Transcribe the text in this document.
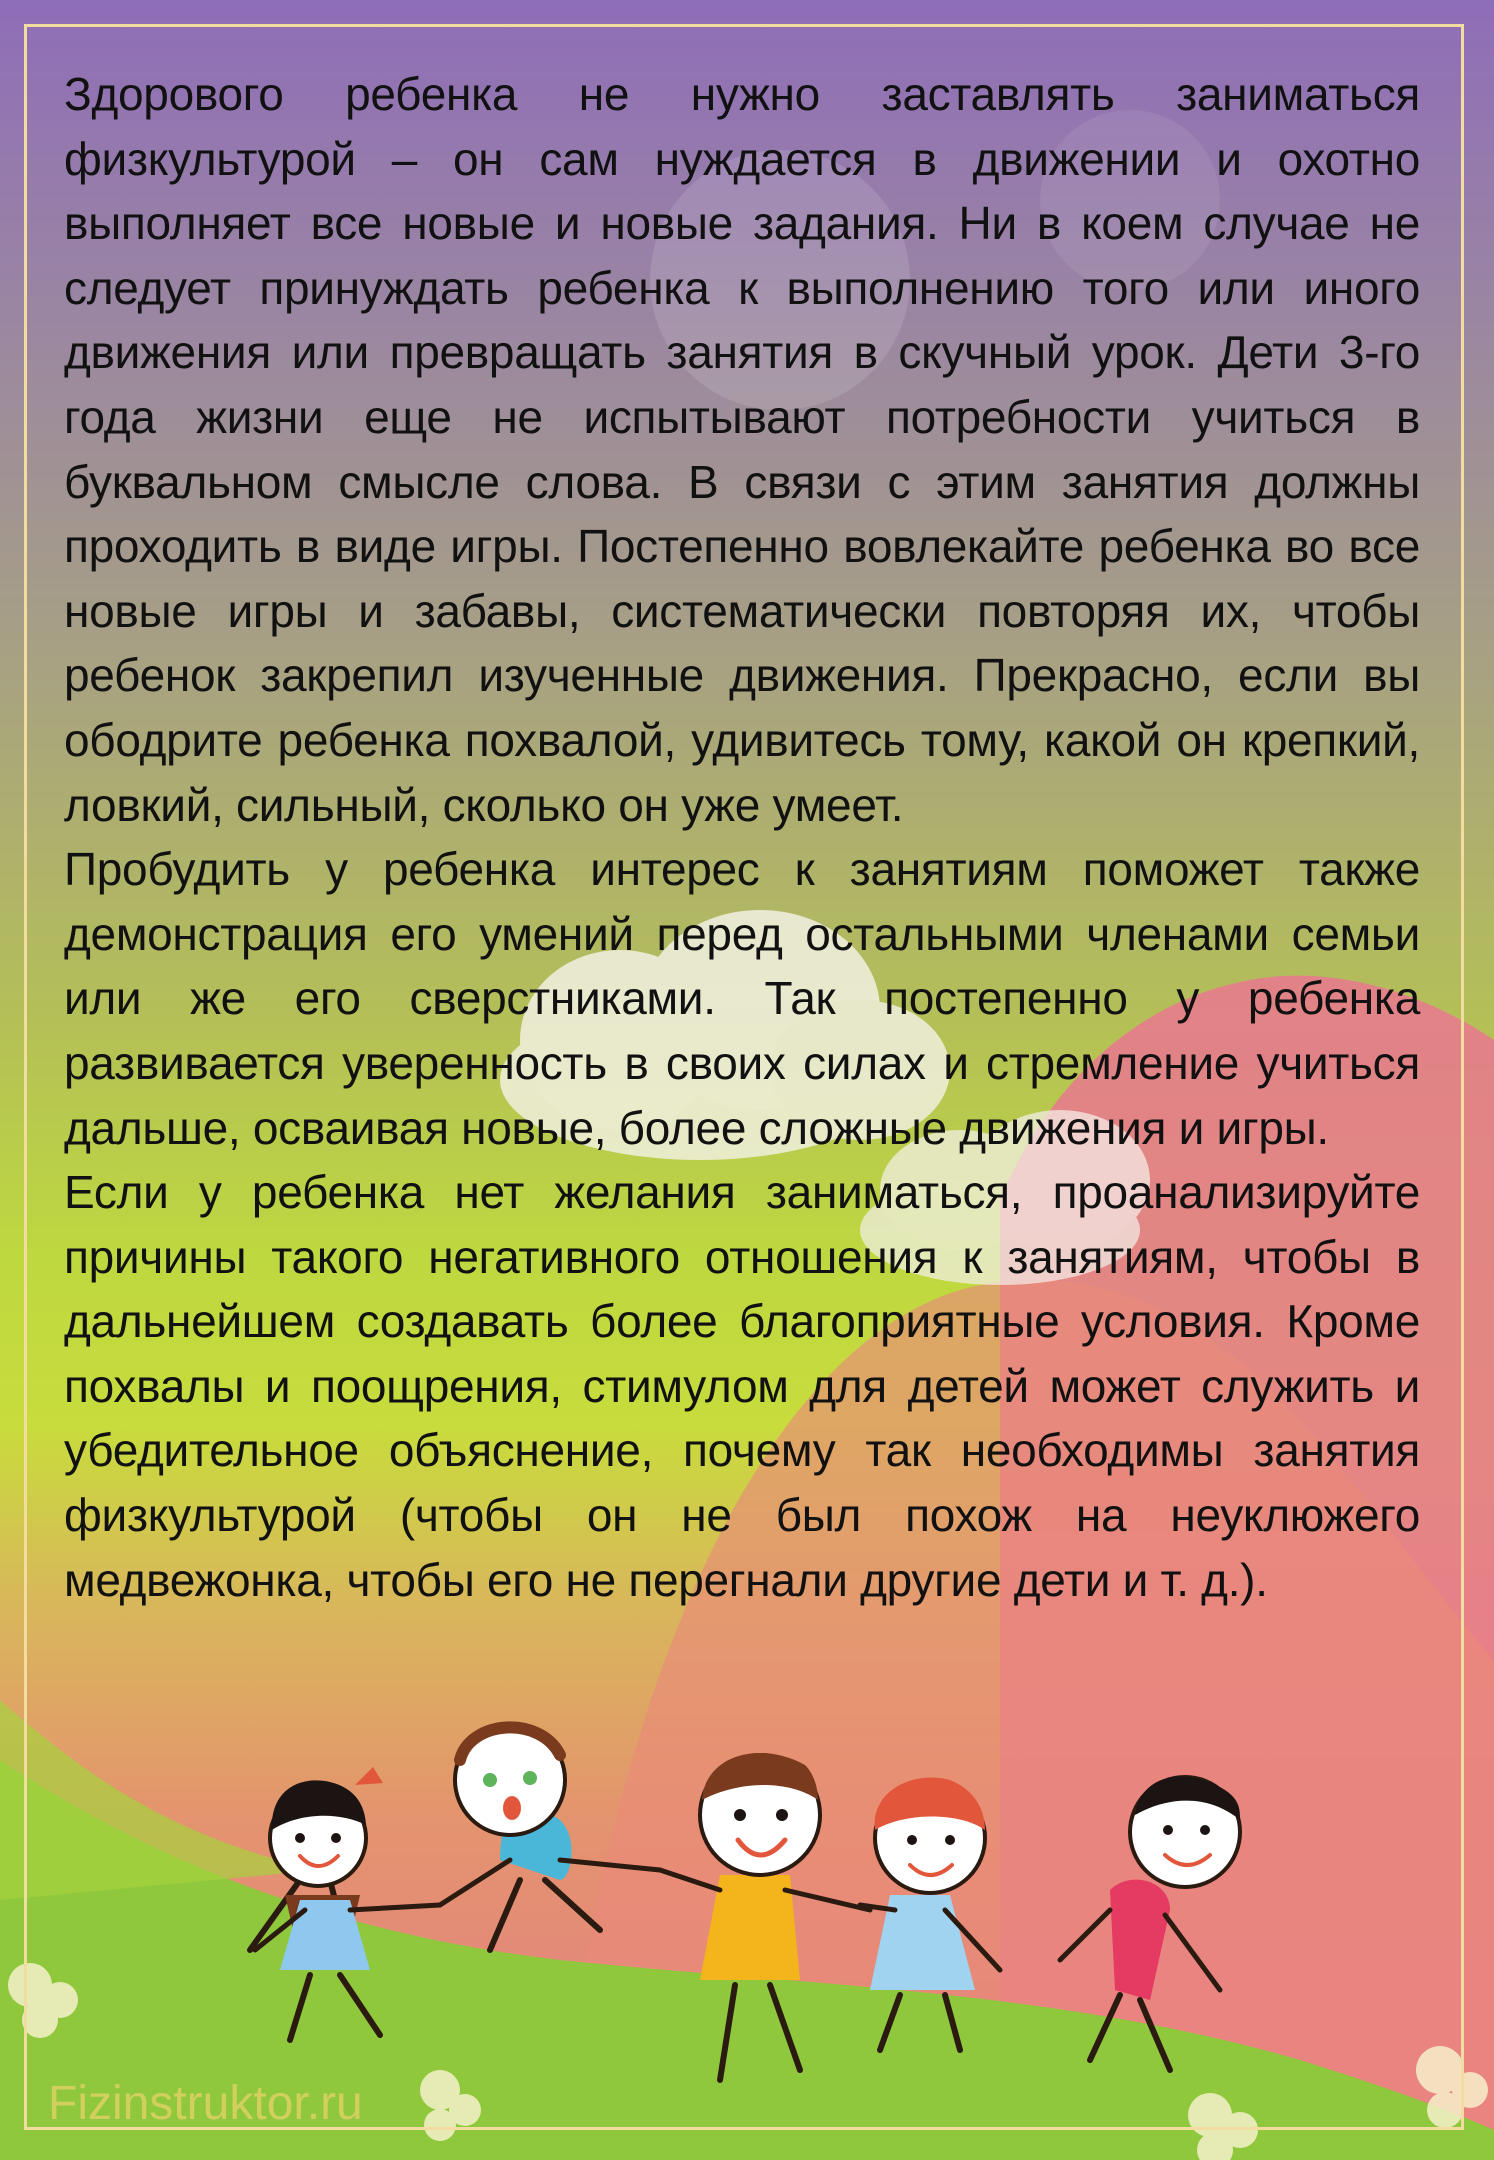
Здорового ребенка не нужно заставлять заниматься физкультурой – он сам нуждается в движении и охотно выполняет все новые и новые задания. Ни в коем случае не следует принуждать ребенка к выполнению того или иного движения или превращать занятия в скучный урок. Дети 3-го года жизни еще не испытывают потребности учиться в буквальном смысле слова. В связи с этим занятия должны проходить в виде игры. Постепенно вовлекайте ребенка во все новые игры и забавы, систематически повторяя их, чтобы ребенок закрепил изученные движения. Прекрасно, если вы ободрите ребенка похвалой, удивитесь тому, какой он крепкий, ловкий, сильный, сколько он уже умеет.

Пробудить у ребенка интерес к занятиям поможет также демонстрация его умений перед остальными членами семьи или же его сверстниками. Так постепенно у ребенка развивается уверенность в своих силах и стремление учиться дальше, осваивая новые, более сложные движения и игры.

Если у ребенка нет желания заниматься, проанализируйте причины такого негативного отношения к занятиям, чтобы в дальнейшем создавать более благоприятные условия. Кроме похвалы и поощрения, стимулом для детей может служить и убедительное объяснение, почему так необходимы занятия физкультурой (чтобы он не был похож на неуклюжего медвежонка, чтобы его не перегнали другие дети и т. д.).

Fizinstruktor.ru
